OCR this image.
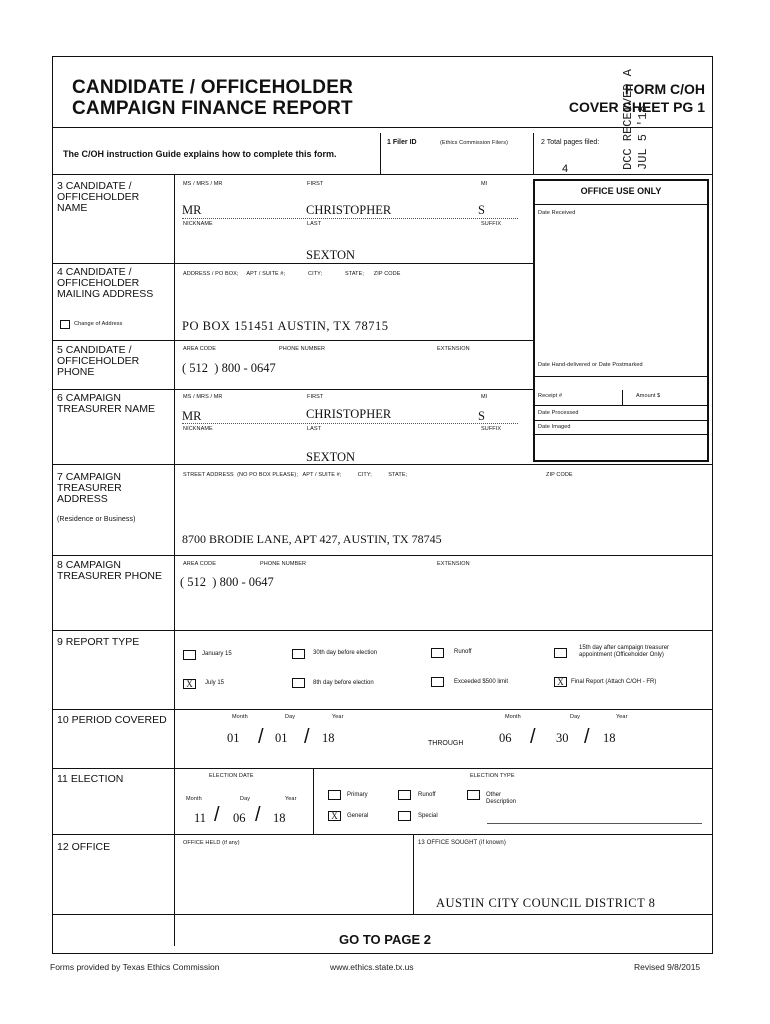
CANDIDATE / OFFICEHOLDER
CAMPAIGN FINANCE REPORT
FORM C/OH
COVER SHEET PG 1
DCC RECEIVED A JUL 5 '18
The C/OH instruction Guide explains how to complete this form.
1 Filer ID	(Ethics Commission Filers)	2 Total pages filed:
4
OFFICE USE ONLY
Date Received
Date Hand-delivered or Date Postmarked
Receipt #	Amount $
Date Processed
Date Imaged
3 CANDIDATE / OFFICEHOLDER NAME
MS / MRS / MR	FIRST	MI
MR	CHRISTOPHER	S
NICKNAME	LAST	SUFFIX
SEXTON
4 CANDIDATE / OFFICEHOLDER MAILING ADDRESS
Change of Address
ADDRESS / PO BOX;     APT / SUITE #;              CITY;              STATE;      ZIP CODE
PO BOX 151451 AUSTIN, TX 78715
5 CANDIDATE / OFFICEHOLDER PHONE
AREA CODE	PHONE NUMBER	EXTENSION
( 512  ) 800 - 0647
6 CAMPAIGN TREASURER NAME
MS / MRS / MR	FIRST	MI
MR	CHRISTOPHER	S
NICKNAME	LAST	SUFFIX
SEXTON
7 CAMPAIGN TREASURER ADDRESS
(Residence or Business)
STREET ADDRESS  (NO PO BOX PLEASE);   APT / SUITE #;          CITY;          STATE;	ZIP CODE
8700 BRODIE LANE, APT 427, AUSTIN, TX 78745
8 CAMPAIGN TREASURER PHONE
AREA CODE	PHONE NUMBER	EXTENSION
( 512  ) 800 - 0647
9 REPORT TYPE
January 15	30th day before election	Runoff
15th day after campaign treasurer appointment (Officeholder Only)
X	July 15	8th day before election	Exceeded $500 limit	X	Final Report (Attach C/OH - FR)
10 PERIOD COVERED	Month	Day	Year
01 / 01 / 18	THROUGH
Month	Day	Year
06 / 30 / 18
11 ELECTION	ELECTION DATE	ELECTION TYPE
Month	Day	Year
11 / 06 / 18
Primary	Runoff	Other
Description
X	General	Special
12 OFFICE	OFFICE HELD (if any)	13 OFFICE SOUGHT (if known)
AUSTIN CITY COUNCIL DISTRICT 8
GO TO PAGE 2
Forms provided by Texas Ethics Commission	www.ethics.state.tx.us	Revised 9/8/2015
